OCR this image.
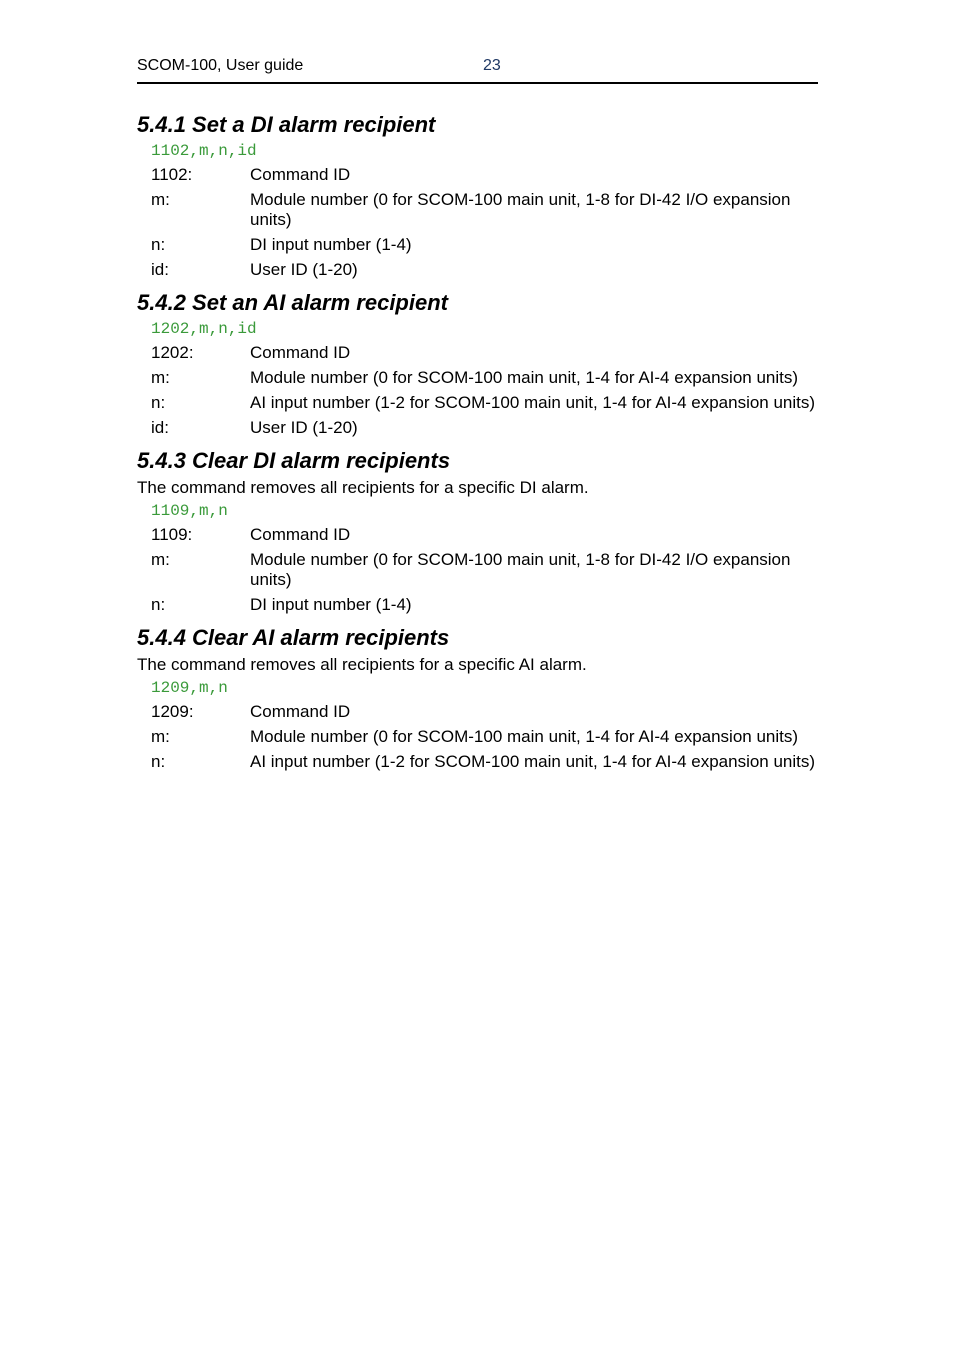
SCOM-100, User guide	23
5.4.1 Set a DI alarm recipient
1102,m,n,id
1102:	Command ID
m:	Module number (0 for SCOM-100 main unit, 1-8 for DI-42 I/O expansion units)
n:	DI input number (1-4)
id:	User ID (1-20)
5.4.2 Set an AI alarm recipient
1202,m,n,id
1202:	Command ID
m:	Module number (0 for SCOM-100 main unit, 1-4 for AI-4 expansion units)
n:	AI input number (1-2 for SCOM-100 main unit, 1-4 for AI-4 expansion units)
id:	User ID (1-20)
5.4.3 Clear DI alarm recipients
The command removes all recipients for a specific DI alarm.
1109,m,n
1109:	Command ID
m:	Module number (0 for SCOM-100 main unit, 1-8 for DI-42 I/O expansion units)
n:	DI input number (1-4)
5.4.4 Clear AI alarm recipients
The command removes all recipients for a specific AI alarm.
1209,m,n
1209:	Command ID
m:	Module number (0 for SCOM-100 main unit, 1-4 for AI-4 expansion units)
n:	AI input number (1-2 for SCOM-100 main unit, 1-4 for AI-4 expansion units)
